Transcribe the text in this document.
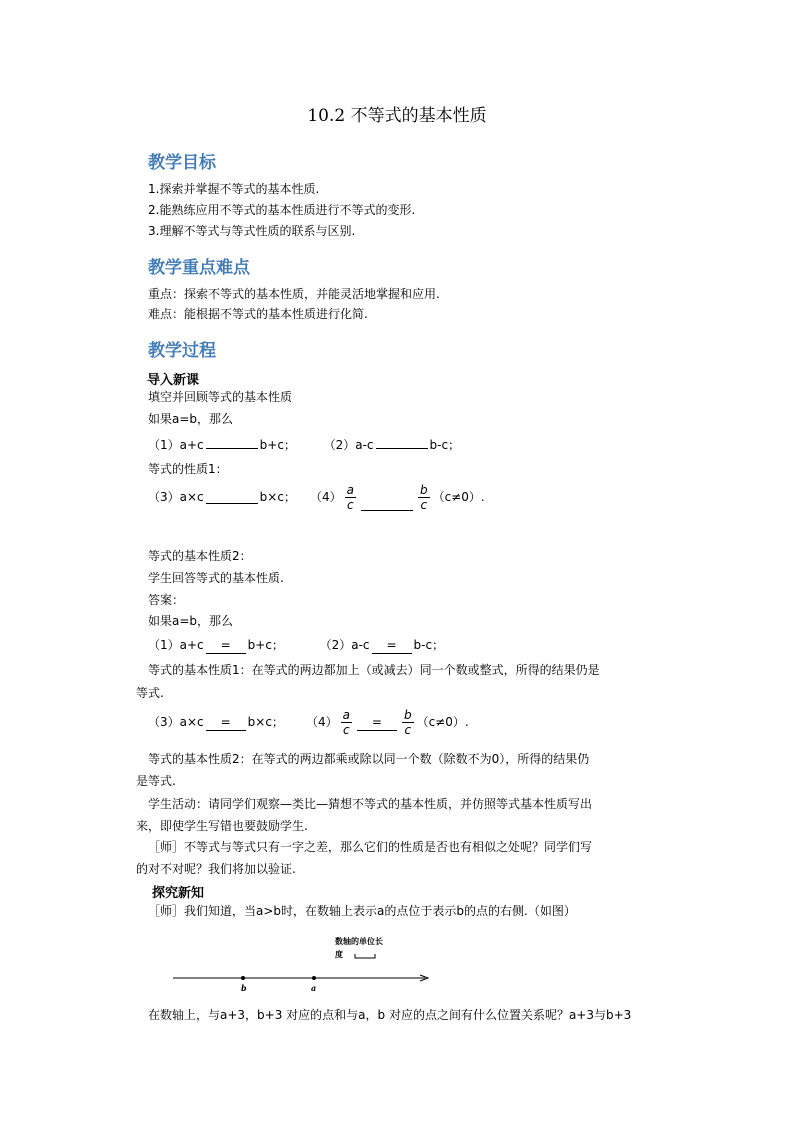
10.2 不等式的基本性质
教学目标
1.探索并掌握不等式的基本性质.
2.能熟练应用不等式的基本性质进行不等式的变形.
3.理解不等式与等式性质的联系与区别.
教学重点难点
重点：探索不等式的基本性质，并能灵活地掌握和应用.
难点：能根据不等式的基本性质进行化简.
教学过程
导入新课
填空并回顾等式的基本性质
如果a=b，那么
（1）a+c	b+c； （2）a-c	b-c；
等式的性质1：
（3）a×c	b×c； $(4) \frac{a}{c}$	$\frac{b}{c} (c\ne 0)$.
等式的基本性质2：
学生回答等式的基本性质.
答案：
如果a=b，那么
（1）a+c = b+c；	（2）a-c = b-c；
等式的基本性质1：在等式的两边都加上（或减去）同一个数或整式，所得的结果仍是
等式.
（3）a×c	=	b×c； $(4) \frac{a}{c}$	=	$\frac{b}{c} (c\ne 0)$.
等式的基本性质2：在等式的两边都乘或除以同一个数（除数不为0），所得的结果仍
是等式.
学生活动：请同学们观察—类比—猜想不等式的基本性质，并仿照等式基本性质写出
来，即使学生写错也要鼓励学生.
［师］不等式与等式只有一字之差，那么它们的性质是否也有相似之处呢？同学们写
的对不对呢？我们将加以验证.
探究新知
［师］我们知道，当a>b时，在数轴上表示a的点位于表示b的点的右侧.（如图）
数轴的单位长
度
b	a
在数轴上，与a+3，b+3 对应的点和与a，b 对应的点之间有什么位置关系呢？a+3与b+3
